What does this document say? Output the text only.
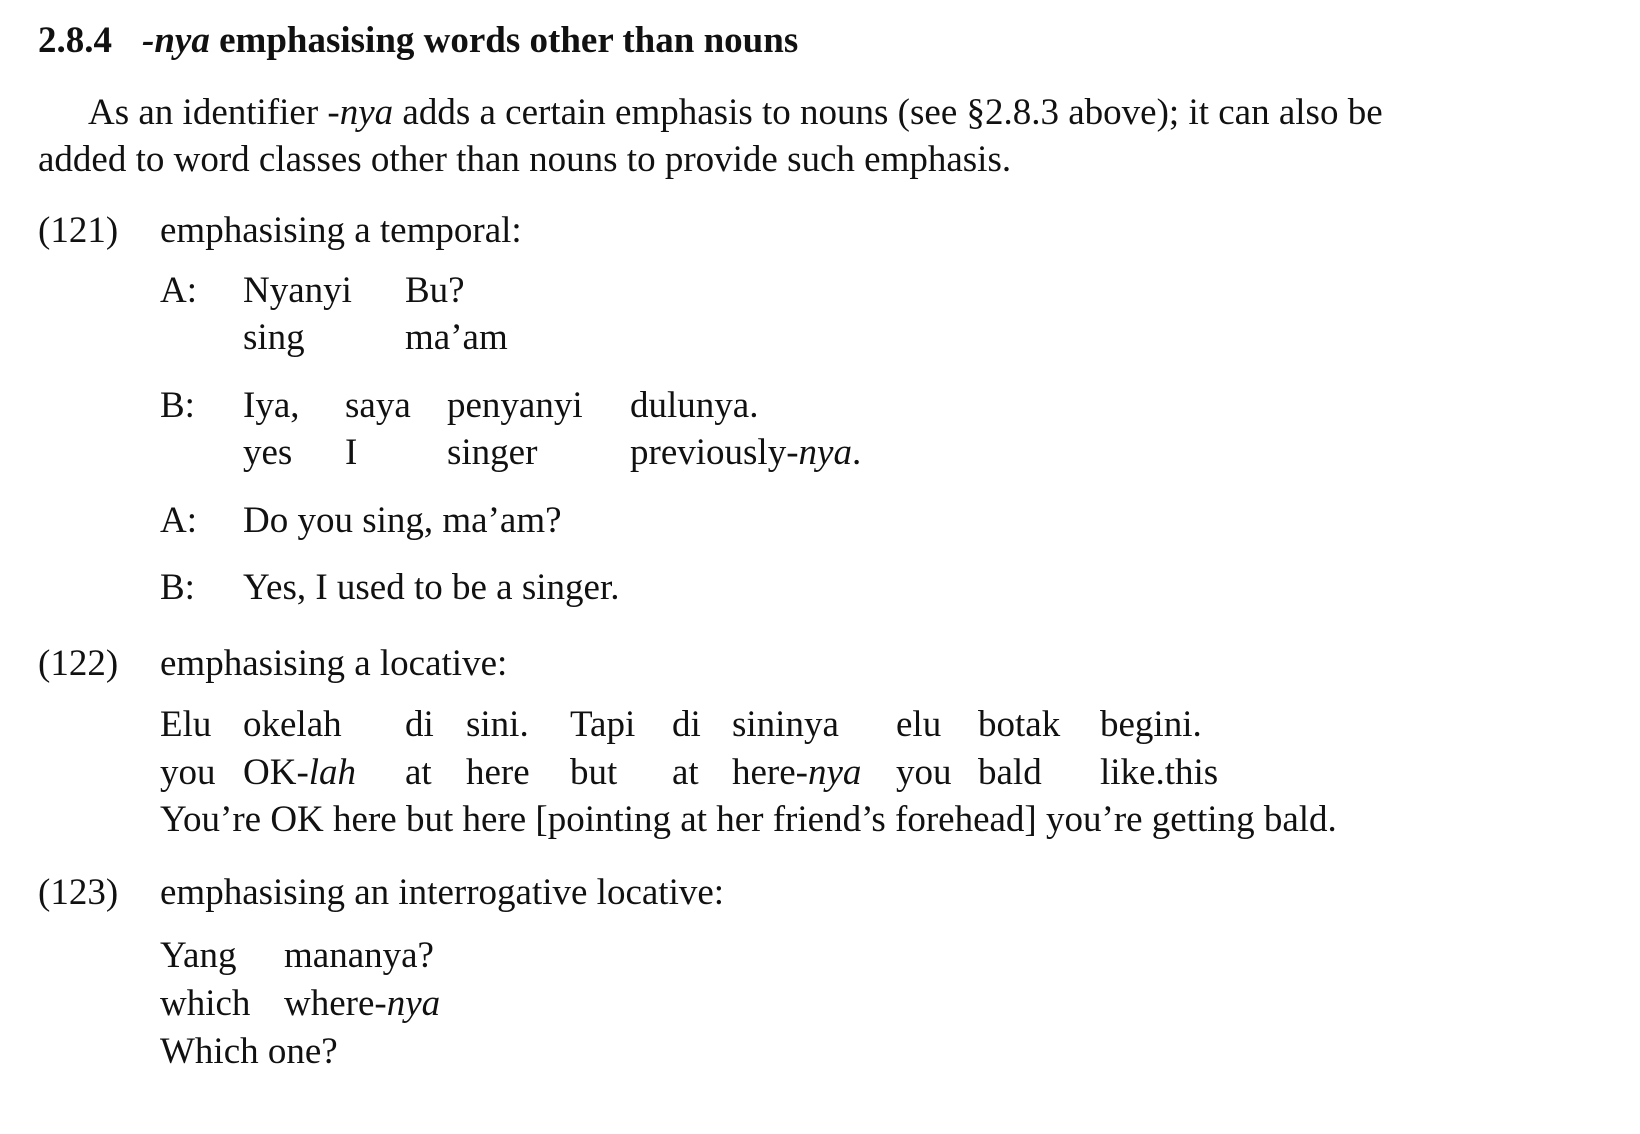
2.8.4 -nya emphasising words other than nouns
As an identifier -nya adds a certain emphasis to nouns (see §2.8.3 above); it can also be
added to word classes other than nouns to provide such emphasis.
(121) emphasising a temporal:
A: Nyanyi Bu?
sing	ma’am
B: Iya, saya penyanyi dulunya.
yes I singer	previously-nya.
A: Do you sing, ma’am?
B: Yes, I used to be a singer.
(122) emphasising a locative:
Elu okelah di sini. Tapi di sininya elu botak begini.
you OK-lah at here but at here-nya you bald like.this
You’re OK here but here [pointing at her friend’s forehead] you’re getting bald.
(123) emphasising an interrogative locative:
Yang mananya?
which where-nya
Which one?
